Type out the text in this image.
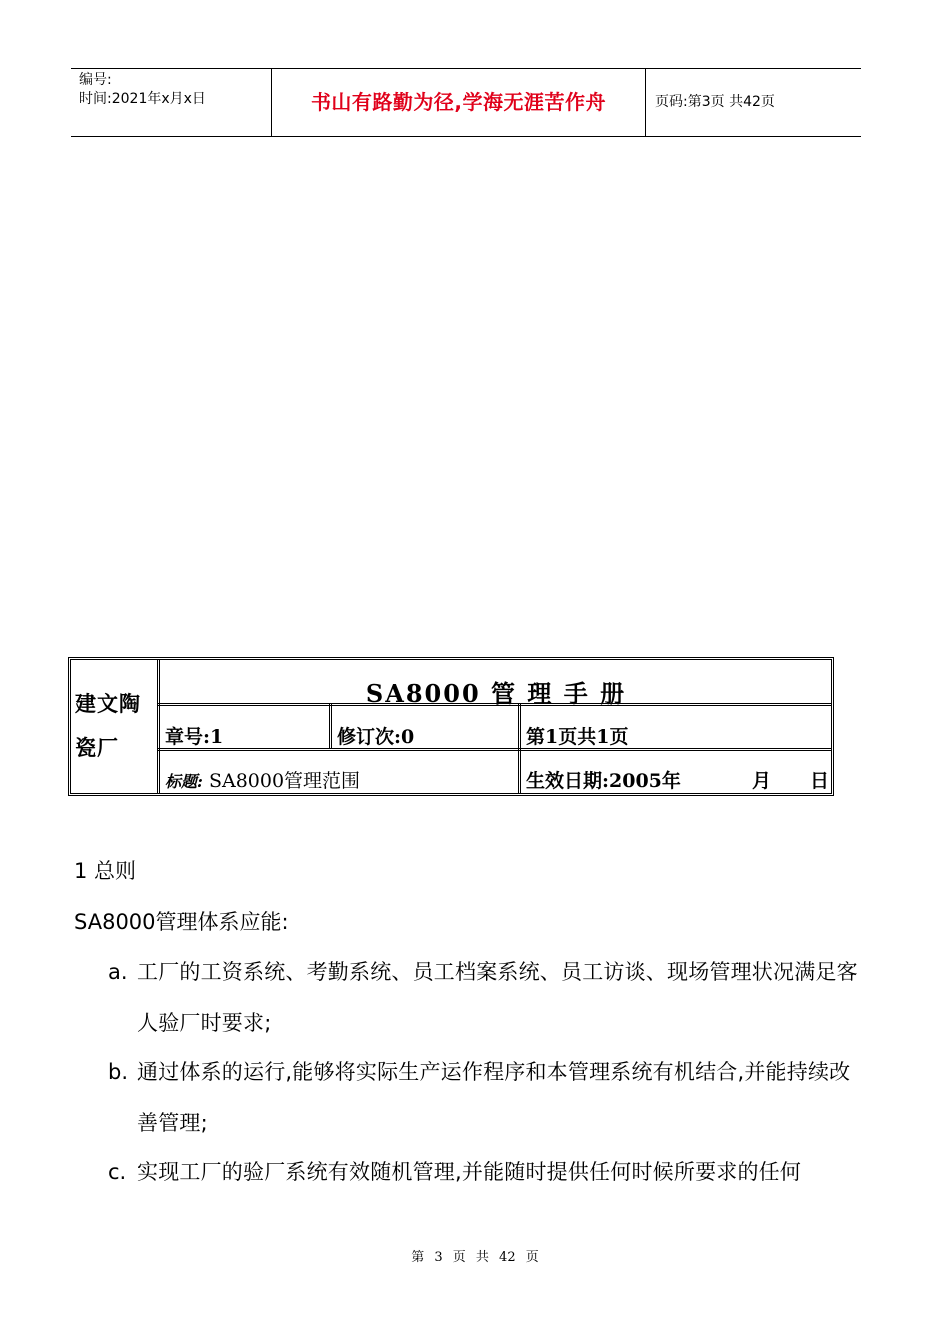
编号:
时间:2021年x月x日	书山有路勤为径,学海无涯苦作舟	页码:第3页 共42页
建文陶瓷厂
SA8000 管 理 手 册
章号:1	修订次:0	第1页共1页
标题: SA8000管理范围	生效日期:2005年	月 日
1 总则
SA8000管理体系应能:
a. 工厂的工资系统、考勤系统、员工档案系统、员工访谈、现场管理状况满足客人验厂时要求;
b. 通过体系的运行,能够将实际生产运作程序和本管理系统有机结合,并能持续改善管理;
c. 实现工厂的验厂系统有效随机管理,并能随时提供任何时候所要求的任何
第 3 页 共 42 页
